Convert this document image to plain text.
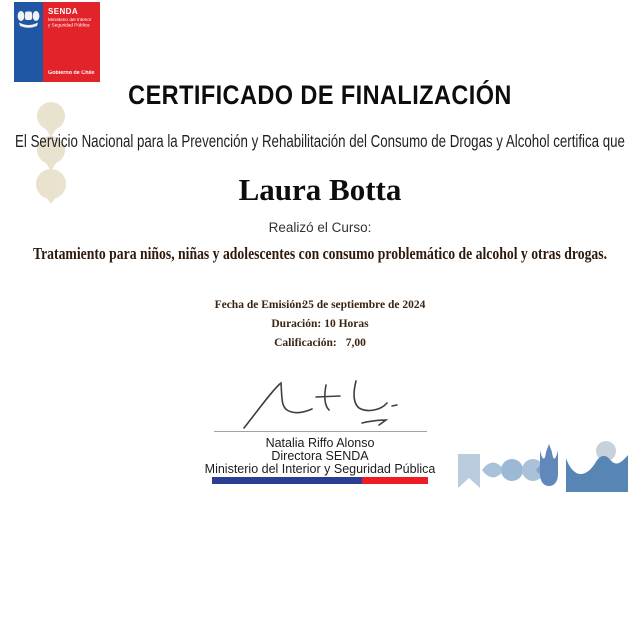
SENDA
Ministerio del Interior
y Seguridad Pública
Gobierno de Chile
CERTIFICADO DE FINALIZACIÓN
El Servicio Nacional para la Prevención y Rehabilitación del Consumo de Drogas y Alcohol certifica que
Laura Botta
Realizó el Curso:
Tratamiento para niños, niñas y adolescentes con consumo problemático de alcohol y otras drogas.
Fecha de Emisión:25 de septiembre de 2024
Duración: 10 Horas
Calificación: 7,00
Natalia Riffo Alonso
Directora SENDA
Ministerio del Interior y Seguridad Pública
